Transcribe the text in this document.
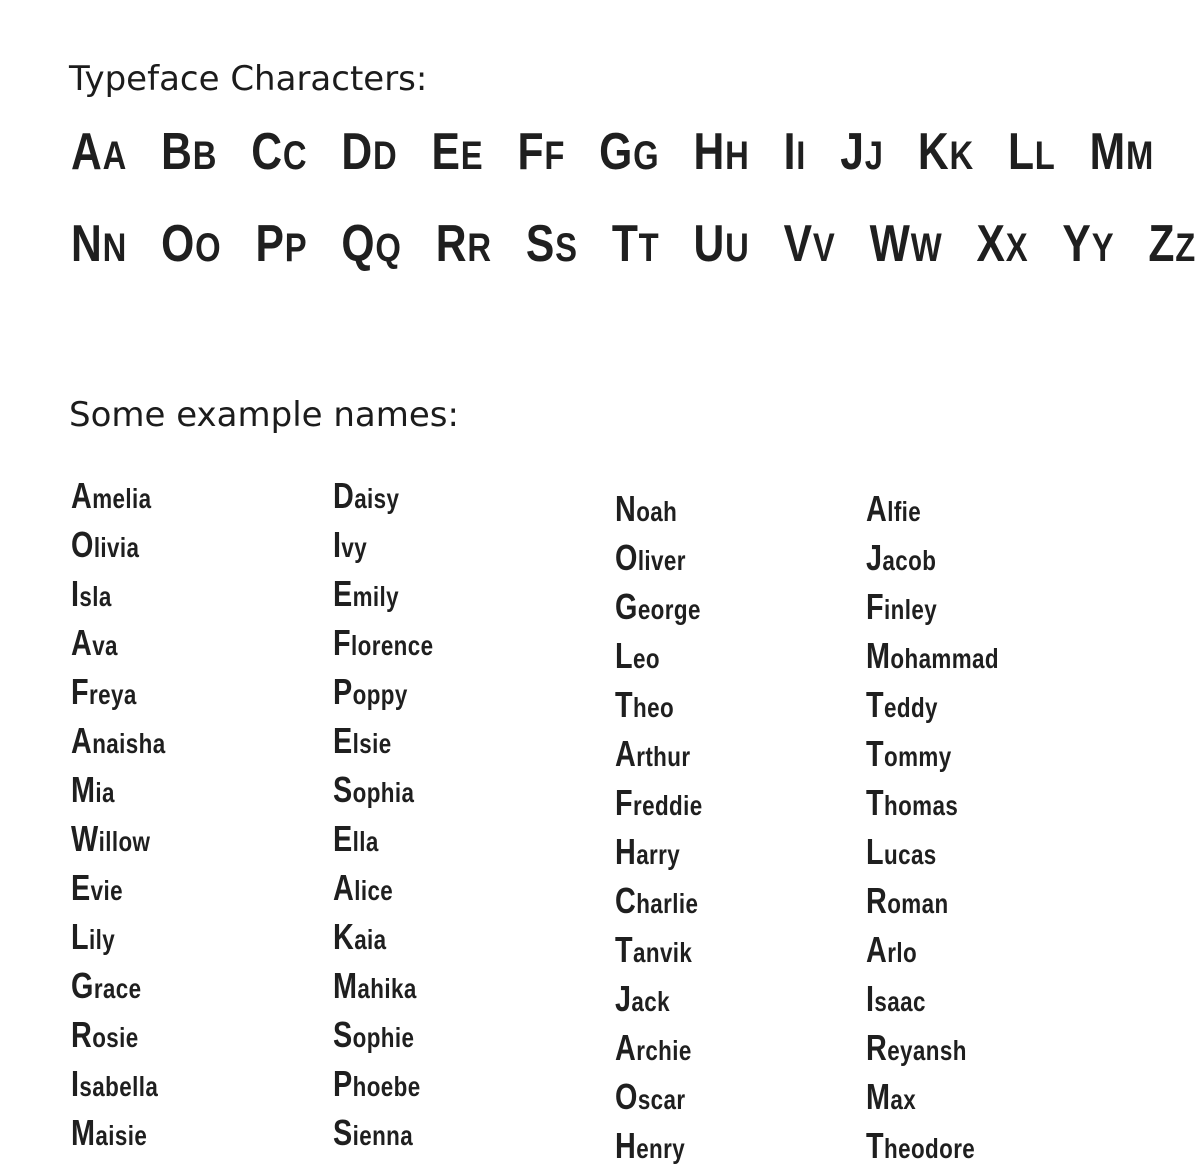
Typeface Characters:
AA BB CC DD EE FF GG HH II JJ KK LL MM
NN OO PP QQ RR SS TT UU VV WW XX YY ZZ
Some example names:
Amelia
Olivia
Isla
Ava
Freya
Anaisha
Mia
Willow
Evie
Lily
Grace
Rosie
Isabella
Maisie
Daisy
Ivy
Emily
Florence
Poppy
Elsie
Sophia
Ella
Alice
Kaia
Mahika
Sophie
Phoebe
Sienna
Noah
Oliver
George
Leo
Theo
Arthur
Freddie
Harry
Charlie
Tanvik
Jack
Archie
Oscar
Henry
Alfie
Jacob
Finley
Mohammad
Teddy
Tommy
Thomas
Lucas
Roman
Arlo
Isaac
Reyansh
Max
Theodore
